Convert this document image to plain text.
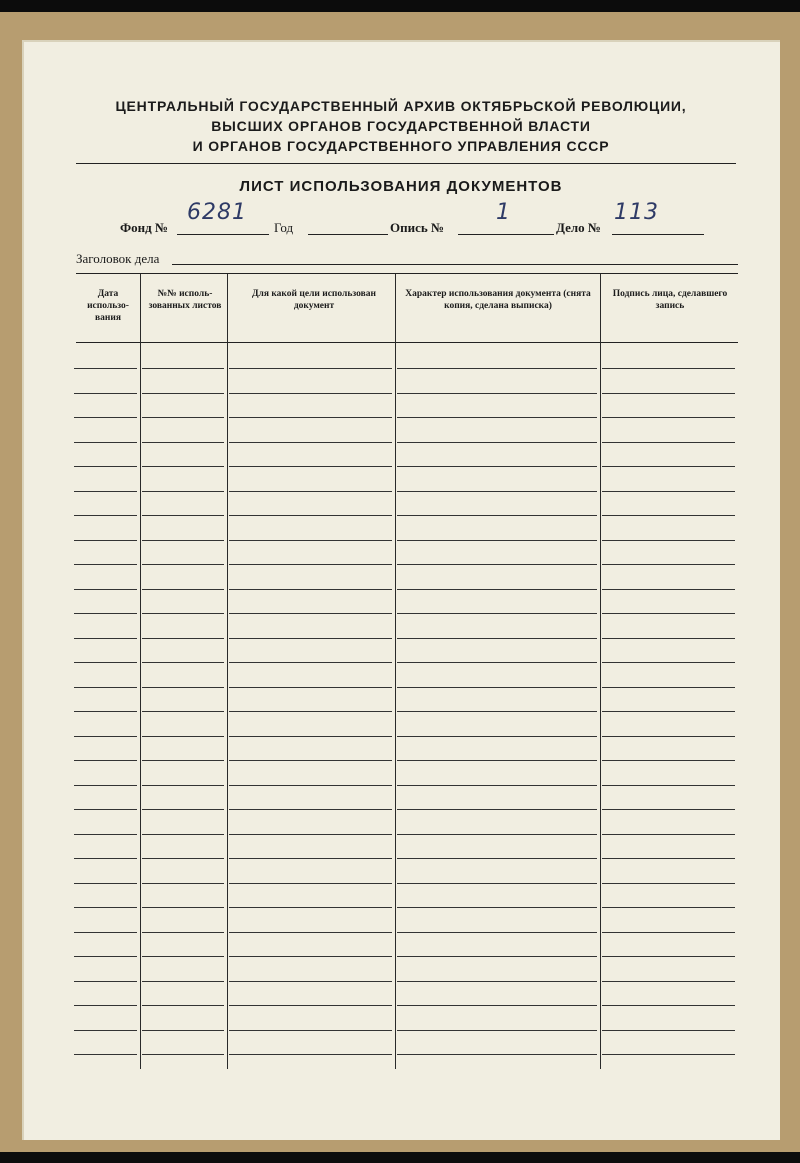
ЦЕНТРАЛЬНЫЙ ГОСУДАРСТВЕННЫЙ АРХИВ ОКТЯБРЬСКОЙ РЕВОЛЮЦИИ,
ВЫСШИХ ОРГАНОВ ГОСУДАРСТВЕННОЙ ВЛАСТИ
И ОРГАНОВ ГОСУДАРСТВЕННОГО УПРАВЛЕНИЯ СССР
ЛИСТ ИСПОЛЬЗОВАНИЯ ДОКУМЕНТОВ
Фонд №
6281
Год	Опись №
1
Дело №
113
Заголовок дела
Дата использо-вания
№№ исполь-зованных листов
Для какой цели использован документ
Характер использования документа (снята копия, сделана выписка)
Подпись лица, сделавшего запись
